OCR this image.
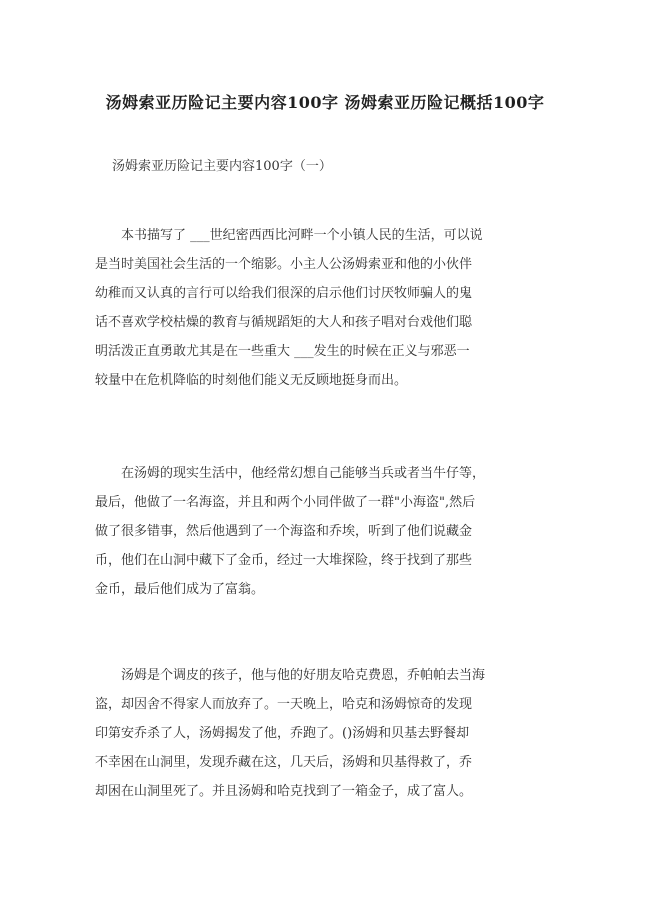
汤姆索亚历险记主要内容100字 汤姆索亚历险记概括100字
汤姆索亚历险记主要内容100字（一）
本书描写了 ___世纪密西西比河畔一个小镇人民的生活，可以说
是当时美国社会生活的一个缩影。小主人公汤姆索亚和他的小伙伴
幼稚而又认真的言行可以给我们很深的启示他们讨厌牧师骗人的鬼
话不喜欢学校枯燥的教育与循规蹈矩的大人和孩子唱对台戏他们聪
明活泼正直勇敢尤其是在一些重大 ___发生的时候在正义与邪恶一
较量中在危机降临的时刻他们能义无反顾地挺身而出。
在汤姆的现实生活中，他经常幻想自己能够当兵或者当牛仔等，
最后，他做了一名海盗，并且和两个小同伴做了一群"小海盗",然后
做了很多错事，然后他遇到了一个海盗和乔埃，听到了他们说藏金
币，他们在山洞中藏下了金币，经过一大堆探险，终于找到了那些
金币，最后他们成为了富翁。
汤姆是个调皮的孩子，他与他的好朋友哈克费恩，乔帕帕去当海
盗，却因舍不得家人而放弃了。一天晚上，哈克和汤姆惊奇的发现
印第安乔杀了人，汤姆揭发了他，乔跑了。()汤姆和贝基去野餐却
不幸困在山洞里，发现乔藏在这，几天后，汤姆和贝基得救了，乔
却困在山洞里死了。并且汤姆和哈克找到了一箱金子，成了富人。
